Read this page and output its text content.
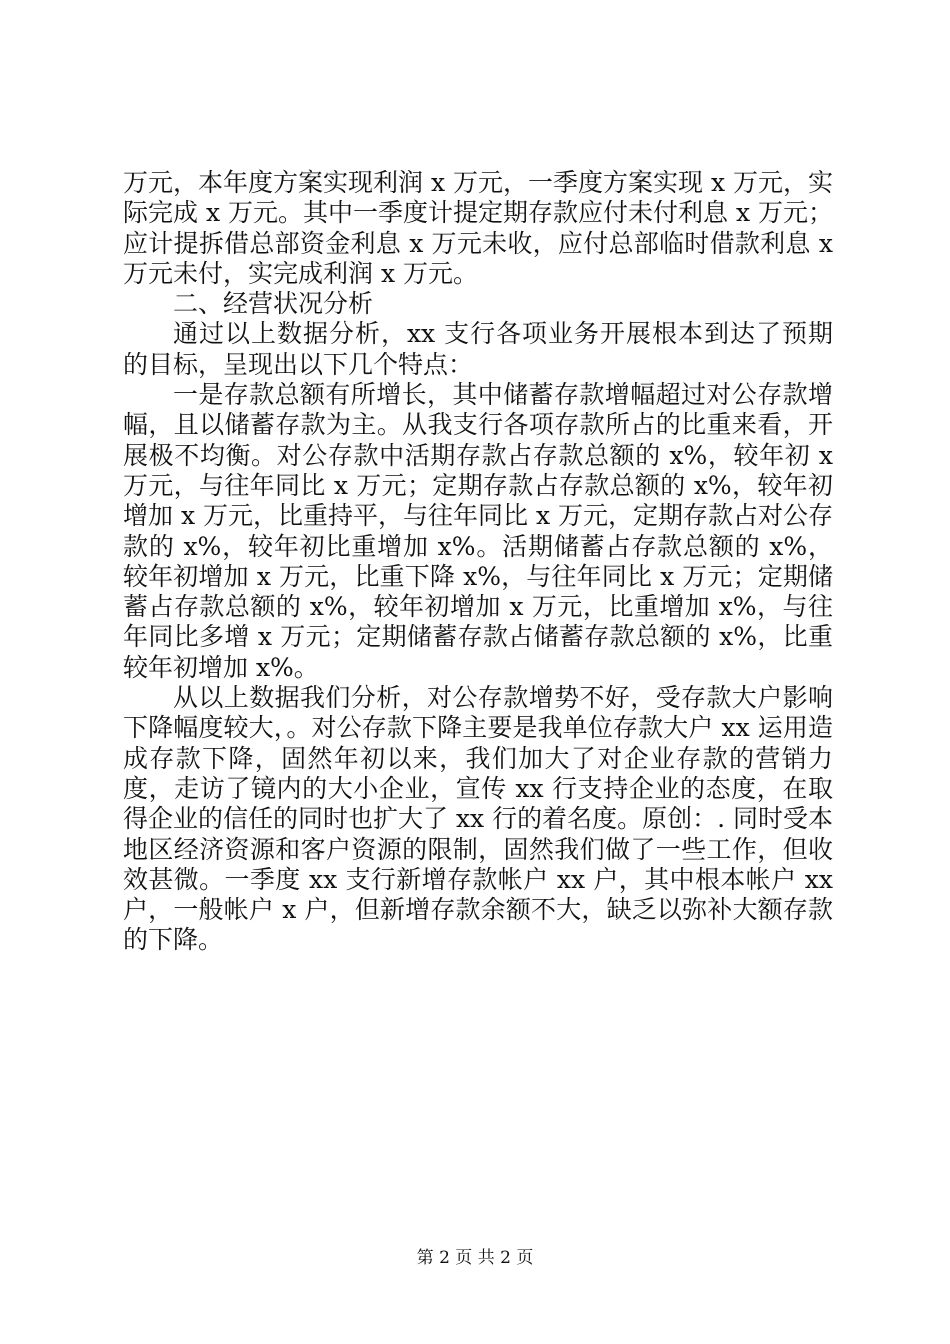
万元，本年度方案实现利润 x 万元，一季度方案实现 x 万元，实际完成 x 万元。其中一季度计提定期存款应付未付利息 x 万元；应计提拆借总部资金利息 x 万元未收，应付总部临时借款利息 x 万元未付，实完成利润 x 万元。

二、经营状况分析

通过以上数据分析，xx 支行各项业务开展根本到达了预期的目标，呈现出以下几个特点：

一是存款总额有所增长，其中储蓄存款增幅超过对公存款增幅，且以储蓄存款为主。从我支行各项存款所占的比重来看，开展极不均衡。对公存款中活期存款占存款总额的 x%，较年初 x 万元，与往年同比 x 万元；定期存款占存款总额的 x%，较年初增加 x 万元，比重持平，与往年同比 x 万元，定期存款占对公存款的 x%，较年初比重增加 x%。活期储蓄占存款总额的 x%，较年初增加 x 万元，比重下降 x%，与往年同比 x 万元；定期储蓄占存款总额的 x%，较年初增加 x 万元，比重增加 x%，与往年同比多增 x 万元；定期储蓄存款占储蓄存款总额的 x%，比重较年初增加 x%。

从以上数据我们分析，对公存款增势不好，受存款大户影响下降幅度较大，。对公存款下降主要是我单位存款大户 xx 运用造成存款下降，固然年初以来，我们加大了对企业存款的营销力度，走访了镜内的大小企业，宣传 xx 行支持企业的态度，在取得企业的信任的同时也扩大了 xx 行的着名度。原创：. 同时受本地区经济资源和客户资源的限制，固然我们做了一些工作，但收效甚微。一季度 xx 支行新增存款帐户 xx 户，其中根本帐户 xx 户，一般帐户 x 户，但新增存款余额不大，缺乏以弥补大额存款的下降。

第 2 页 共 2 页
